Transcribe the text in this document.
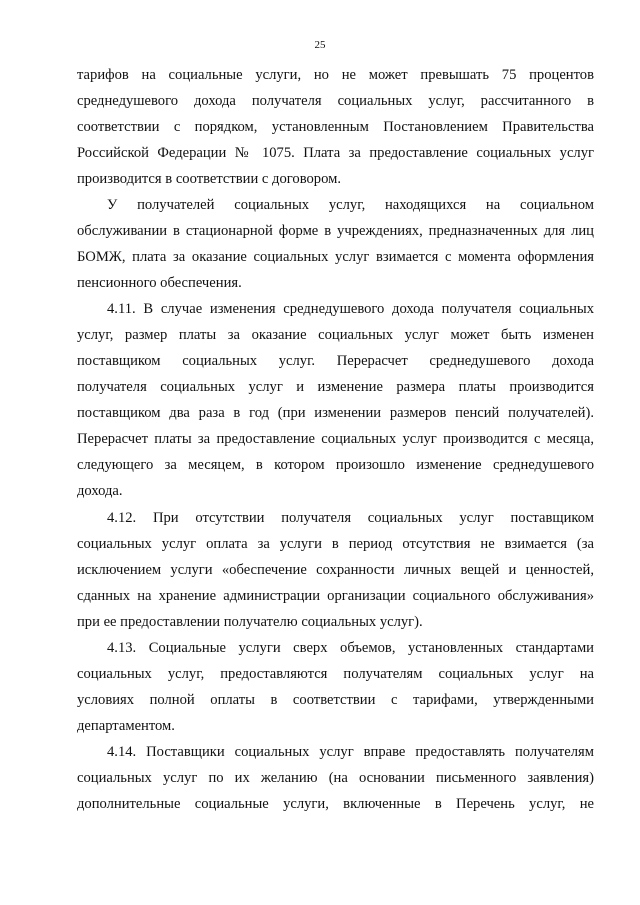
25
тарифов на социальные услуги, но не может превышать 75 процентов
среднедушевого дохода получателя социальных услуг, рассчитанного в
соответствии с порядком, установленным Постановлением Правительства
Российской Федерации № 1075. Плата за предоставление социальных услуг
производится в соответствии с договором.
У получателей социальных услуг, находящихся на социальном
обслуживании в стационарной форме в учреждениях, предназначенных для лиц
БОМЖ, плата за оказание социальных услуг взимается с момента оформления
пенсионного обеспечения.
4.11. В случае изменения среднедушевого дохода получателя социальных
услуг, размер платы за оказание социальных услуг может быть изменен
поставщиком социальных услуг. Перерасчет среднедушевого дохода
получателя социальных услуг и изменение размера платы производится
поставщиком два раза в год (при изменении размеров пенсий получателей).
Перерасчет платы за предоставление социальных услуг производится с месяца,
следующего за месяцем, в котором произошло изменение среднедушевого
дохода.
4.12. При отсутствии получателя социальных услуг поставщиком
социальных услуг оплата за услуги в период отсутствия не взимается (за
исключением услуги «обеспечение сохранности личных вещей и ценностей,
сданных на хранение администрации организации социального обслуживания»
при ее предоставлении получателю социальных услуг).
4.13. Социальные услуги сверх объемов, установленных стандартами
социальных услуг, предоставляются получателям социальных услуг на
условиях полной оплаты в соответствии с тарифами, утвержденными
департаментом.
4.14. Поставщики социальных услуг вправе предоставлять получателям
социальных услуг по их желанию (на основании письменного заявления)
дополнительные социальные услуги, включенные в Перечень услуг, не
